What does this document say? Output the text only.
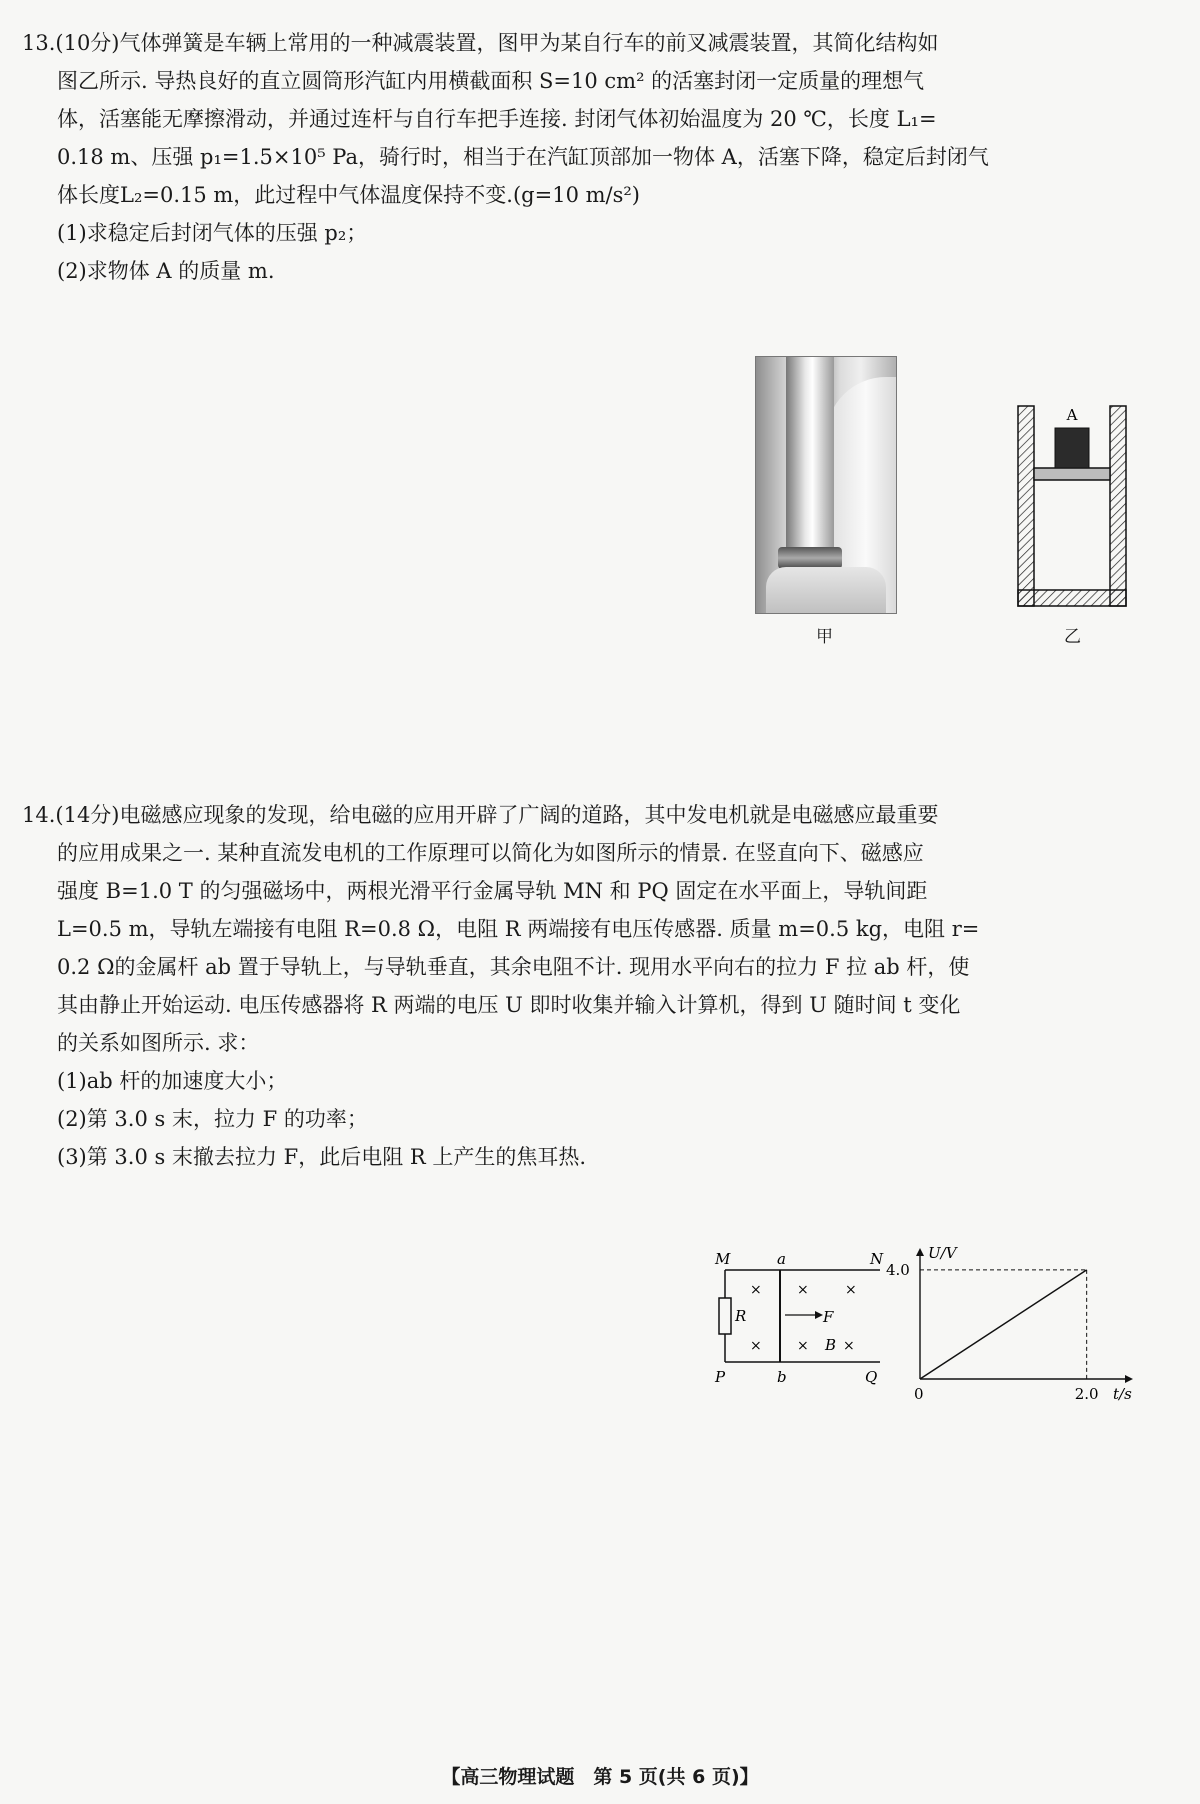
13.(10分)气体弹簧是车辆上常用的一种减震装置，图甲为某自行车的前叉减震装置，其简化结构如

图乙所示. 导热良好的直立圆筒形汽缸内用横截面积 S=10 cm² 的活塞封闭一定质量的理想气

体，活塞能无摩擦滑动，并通过连杆与自行车把手连接. 封闭气体初始温度为 20 ℃，长度 L₁=

0.18 m、压强 p₁=1.5×10⁵ Pa，骑行时，相当于在汽缸顶部加一物体 A，活塞下降，稳定后封闭气

体长度L₂=0.15 m，此过程中气体温度保持不变.(g=10 m/s²)

(1)求稳定后封闭气体的压强 p₂；

(2)求物体 A 的质量 m.

甲
A
乙

14.(14分)电磁感应现象的发现，给电磁的应用开辟了广阔的道路，其中发电机就是电磁感应最重要

的应用成果之一. 某种直流发电机的工作原理可以简化为如图所示的情景. 在竖直向下、磁感应

强度 B=1.0 T 的匀强磁场中，两根光滑平行金属导轨 MN 和 PQ 固定在水平面上，导轨间距

L=0.5 m，导轨左端接有电阻 R=0.8 Ω，电阻 R 两端接有电压传感器. 质量 m=0.5 kg，电阻 r=

0.2 Ω的金属杆 ab 置于导轨上，与导轨垂直，其余电阻不计. 现用水平向右的拉力 F 拉 ab 杆，使

其由静止开始运动. 电压传感器将 R 两端的电压 U 即时收集并输入计算机，得到 U 随时间 t 变化

的关系如图所示. 求：

(1)ab 杆的加速度大小；

(2)第 3.0 s 末，拉力 F 的功率；

(3)第 3.0 s 末撤去拉力 F，此后电阻 R 上产生的焦耳热.

M	N
P	Q
a
b
R	F
B
×
×
×	×
× ×
U/V
t/s
0
4.0
2.0
【高三物理试题　第 5 页(共 6 页)】
